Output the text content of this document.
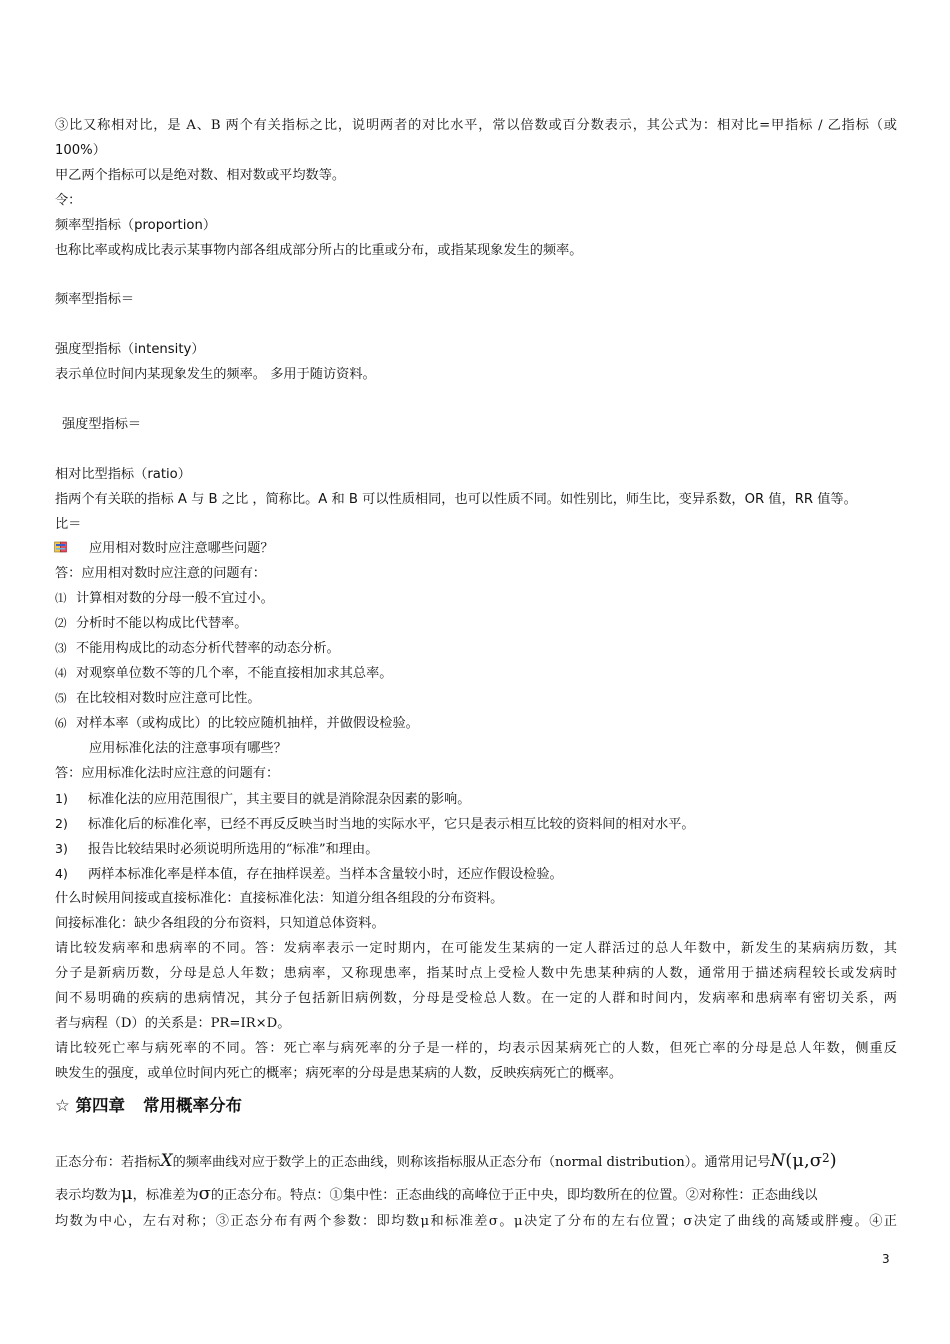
③比又称相对比，是 A、B 两个有关指标之比，说明两者的对比水平，常以倍数或百分数表示，其公式为：相对比=甲指标 / 乙指标（或
100%）
甲乙两个指标可以是绝对数、相对数或平均数等。
令：
频率型指标（proportion）
也称比率或构成比表示某事物内部各组成部分所占的比重或分布，或指某现象发生的频率。
频率型指标＝
强度型指标（intensity）
表示单位时间内某现象发生的频率。 多用于随访资料。
强度型指标＝
相对比型指标（ratio）
指两个有关联的指标 A 与 B 之比 ，简称比。A 和 B 可以性质相同，也可以性质不同。如性别比，师生比，变异系数，OR 值，RR 值等。
比＝
应用相对数时应注意哪些问题？
答：应用相对数时应注意的问题有：
⑴ 计算相对数的分母一般不宜过小。
⑵ 分析时不能以构成比代替率。
⑶ 不能用构成比的动态分析代替率的动态分析。
⑷ 对观察单位数不等的几个率，不能直接相加求其总率。
⑸ 在比较相对数时应注意可比性。
⑹ 对样本率（或构成比）的比较应随机抽样，并做假设检验。
应用标准化法的注意事项有哪些？
答：应用标准化法时应注意的问题有：
1) 标准化法的应用范围很广，其主要目的就是消除混杂因素的影响。
2) 标准化后的标准化率，已经不再反反映当时当地的实际水平，它只是表示相互比较的资料间的相对水平。
3) 报告比较结果时必须说明所选用的“标准”和理由。
4) 两样本标准化率是样本值，存在抽样误差。当样本含量较小时，还应作假设检验。
什么时候用间接或直接标准化：直接标准化法：知道分组各组段的分布资料。
间接标准化：缺少各组段的分布资料，只知道总体资料。
请比较发病率和患病率的不同。答：发病率表示一定时期内，在可能发生某病的一定人群活过的总人年数中，新发生的某病病历数，其
分子是新病历数，分母是总人年数；患病率，又称现患率，指某时点上受检人数中先患某种病的人数，通常用于描述病程较长或发病时
间不易明确的疾病的患病情况，其分子包括新旧病例数，分母是受检总人数。在一定的人群和时间内，发病率和患病率有密切关系，两
者与病程（D）的关系是：PR=IR×D。
请比较死亡率与病死率的不同。答：死亡率与病死率的分子是一样的，均表示因某病死亡的人数，但死亡率的分母是总人年数，侧重反
映发生的强度，或单位时间内死亡的概率；病死率的分母是患某病的人数，反映疾病死亡的概率。
☆ 第四章 常用概率分布
正态分布：若指标X的频率曲线对应于数学上的正态曲线，则称该指标服从正态分布（normal distribution）。通常用记号N(μ,σ2)
表示均数为μ，标准差为σ的正态分布。特点：①集中性：正态曲线的高峰位于正中央，即均数所在的位置。②对称性：正态曲线以
均数为中心，左右对称；③正态分布有两个参数：即均数μ和标准差σ。μ决定了分布的左右位置；σ决定了曲线的高矮或胖瘦。④正
3
